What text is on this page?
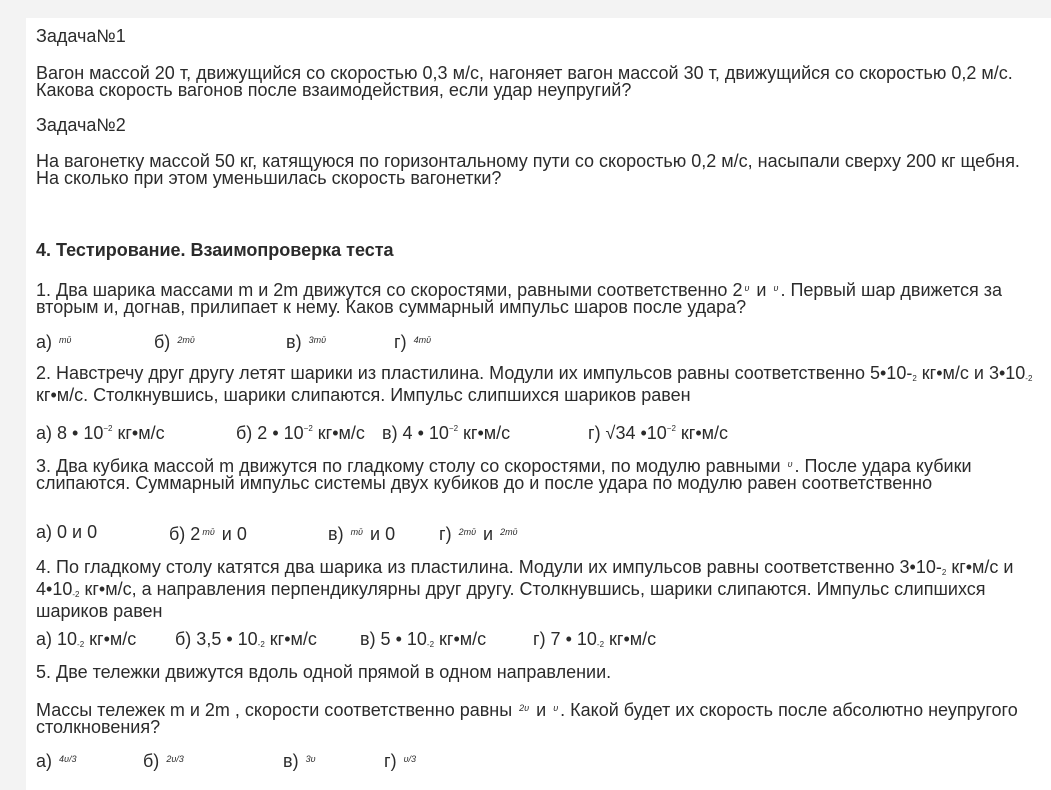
Задача№1
Вагон массой 20 т, движущийся со скоростью 0,3 м/с, нагоняет вагон массой 30 т, движущийся со скоростью 0,2 м/с. Какова скорость вагонов после взаимодействия, если удар неупругий?
Задача№2
На вагонетку массой 50 кг, катящуюся по горизонтальному пути со скоростью 0,2 м/с, насыпали сверху 200 кг щебня. На сколько при этом уменьшилась скорость вагонетки?
4. Тестирование. Взаимопроверка теста
1. Два шарика массами m и 2m движутся со скоростями, равными соответственно 2 $^\upsilon$ и $^\upsilon$ . Первый шар движется за вторым и, догнав, прилипает к нему. Каков суммарный импульс шаров после удара?
а) $^{mῡ}$	б) $^{2mῡ}$	в) $^{3mῡ}$	г) $^{4mῡ}$
2. Навстречу друг другу летят шарики из пластилина. Модули их импульсов равны соответственно 5•10-2 кг•м/с и 3•10-2 кг•м/с. Столкнувшись, шарики слипаются. Импульс слипшихся шариков равен
а) 8 • $10^{-2}$ кг•м/с	б) 2 • $10^{-2}$ кг•м/с в) 4 • $10^{-2}$ кг•м/с	г) √34 $•10^{-2}$ кг•м/с
3. Два кубика массой m движутся по гладкому столу со скоростями, по модулю равными $^\upsilon$ . После удара кубики слипаются. Суммарный импульс системы двух кубиков до и после удара по модулю равен соответственно
а) 0 и 0	б) 2 $^{mῡ}$ и 0	в) $^{mῡ}$ и 0 г) $^{2mῡ}$ и $^{2mῡ}$
4. По гладкому столу катятся два шарика из пластилина. Модули их импульсов равны соответственно 3•10-2 кг•м/с и 4•10-2 кг•м/с, а направления перпендикулярны друг другу. Столкнувшись, шарики слипаются. Импульс слипшихся шариков равен
а) 10-2 кг•м/с б) 3,5 • 10-2 кг•м/с в) 5 • 10-2 кг•м/с	г) 7 • 10-2 кг•м/с
5. Две тележки движутся вдоль одной прямой в одном направлении.
Массы тележек m и 2m , скорости соответственно равны $^{2\upsilon}$ и $^\upsilon$ . Какой будет их скорость после абсолютно неупругого столкновения?
а) $^{4\upsilon/3}$	б) $^{2\upsilon/3}$	в) $^{3\upsilon}$	г) $^{\upsilon/3}$
